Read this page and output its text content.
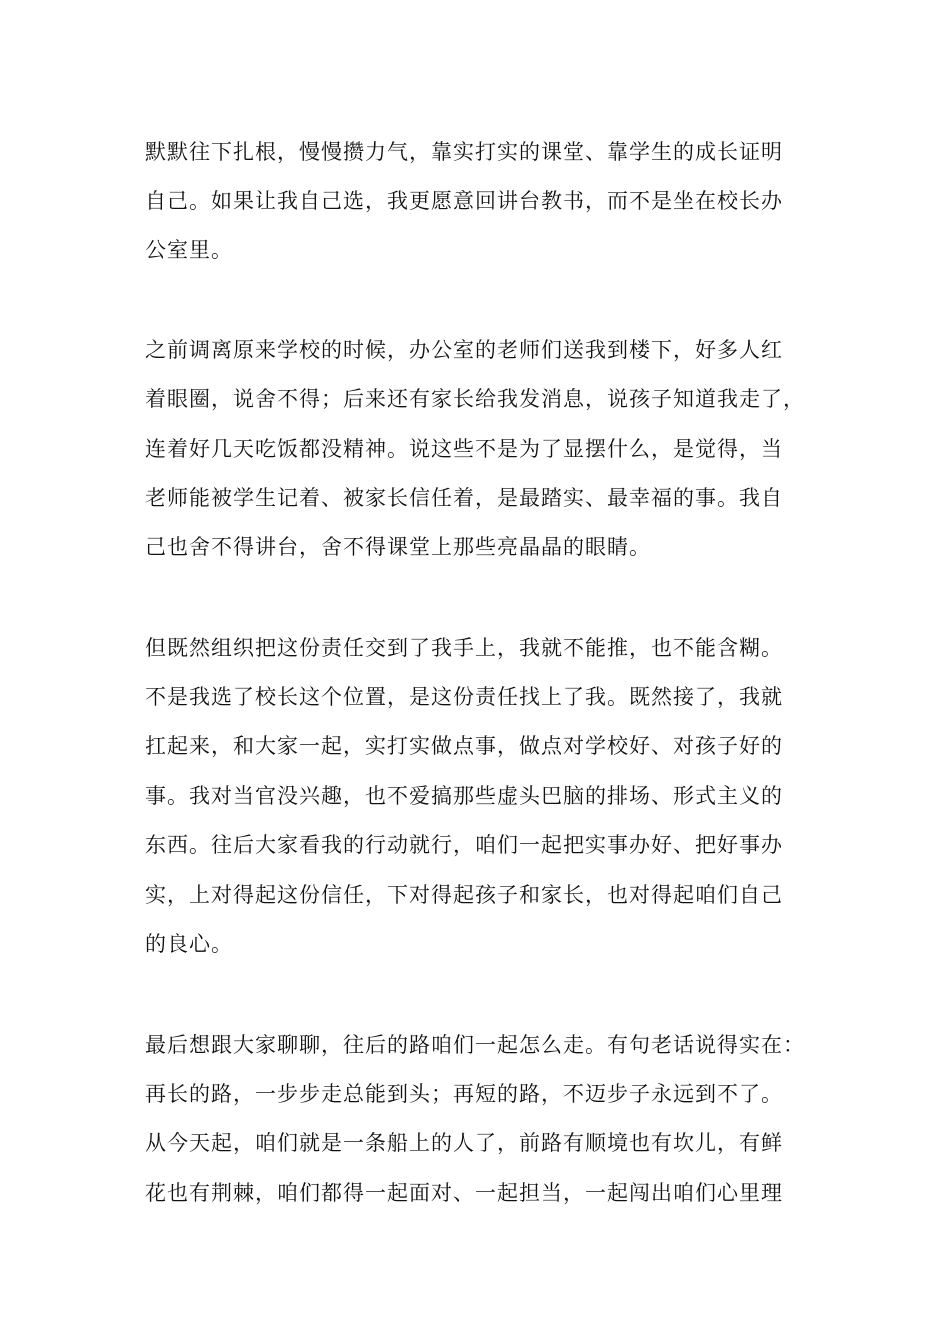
默默往下扎根，慢慢攒力气，靠实打实的课堂、靠学生的成长证明
自己。如果让我自己选，我更愿意回讲台教书，而不是坐在校长办
公室里。
之前调离原来学校的时候，办公室的老师们送我到楼下，好多人红
着眼圈，说舍不得；后来还有家长给我发消息，说孩子知道我走了，
连着好几天吃饭都没精神。说这些不是为了显摆什么，是觉得，当
老师能被学生记着、被家长信任着，是最踏实、最幸福的事。我自
己也舍不得讲台，舍不得课堂上那些亮晶晶的眼睛。
但既然组织把这份责任交到了我手上，我就不能推，也不能含糊。
不是我选了校长这个位置，是这份责任找上了我。既然接了，我就
扛起来，和大家一起，实打实做点事，做点对学校好、对孩子好的
事。我对当官没兴趣，也不爱搞那些虚头巴脑的排场、形式主义的
东西。往后大家看我的行动就行，咱们一起把实事办好、把好事办
实，上对得起这份信任，下对得起孩子和家长，也对得起咱们自己
的良心。
最后想跟大家聊聊，往后的路咱们一起怎么走。有句老话说得实在：
再长的路，一步步走总能到头；再短的路，不迈步子永远到不了。
从今天起，咱们就是一条船上的人了，前路有顺境也有坎儿，有鲜
花也有荆棘，咱们都得一起面对、一起担当，一起闯出咱们心里理
